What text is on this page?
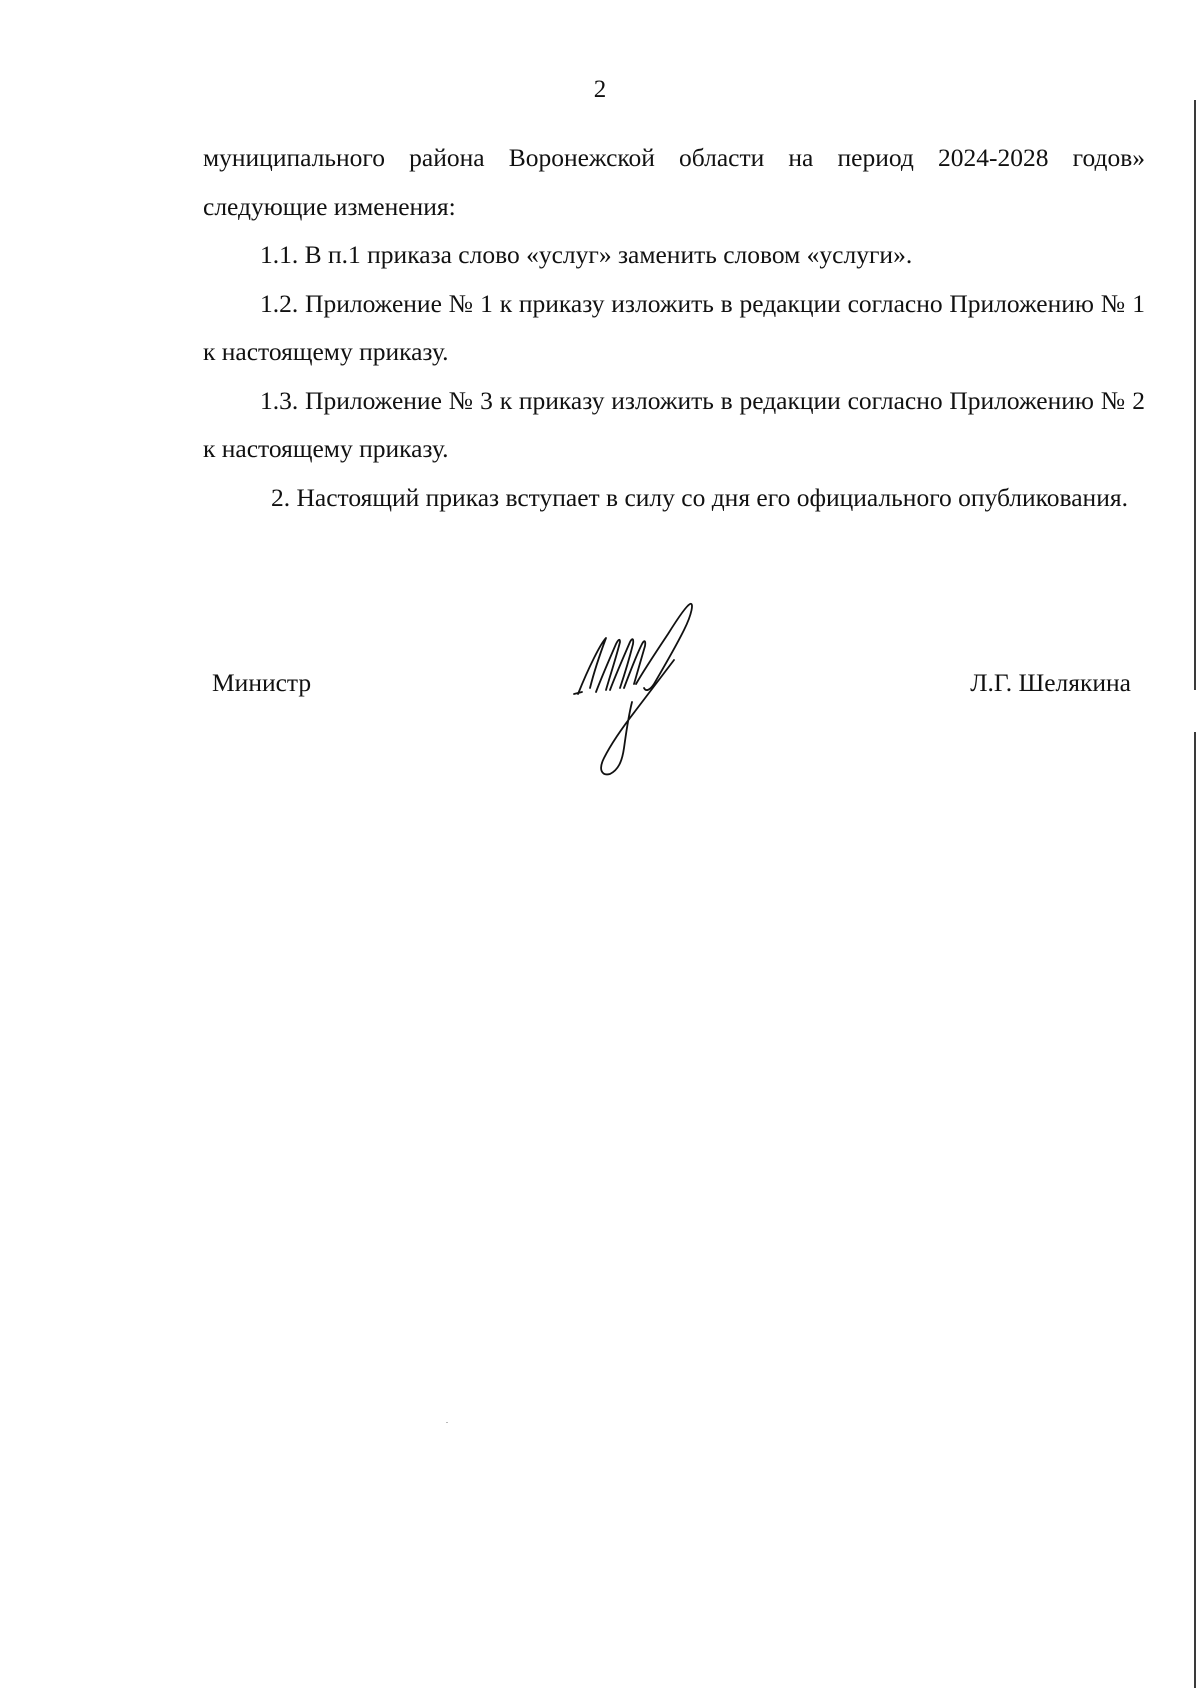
2

муниципального района Воронежской области на период 2024-2028 годов» следующие изменения:

1.1. В п.1 приказа слово «услуг» заменить словом «услуги».

1.2. Приложение № 1 к приказу изложить в редакции согласно Приложению № 1 к настоящему приказу.

1.3. Приложение № 3 к приказу изложить в редакции согласно Приложению № 2 к настоящему приказу.

2. Настоящий приказ вступает в силу со дня его официального опубликования.

Министр	Л.Г. Шелякина
